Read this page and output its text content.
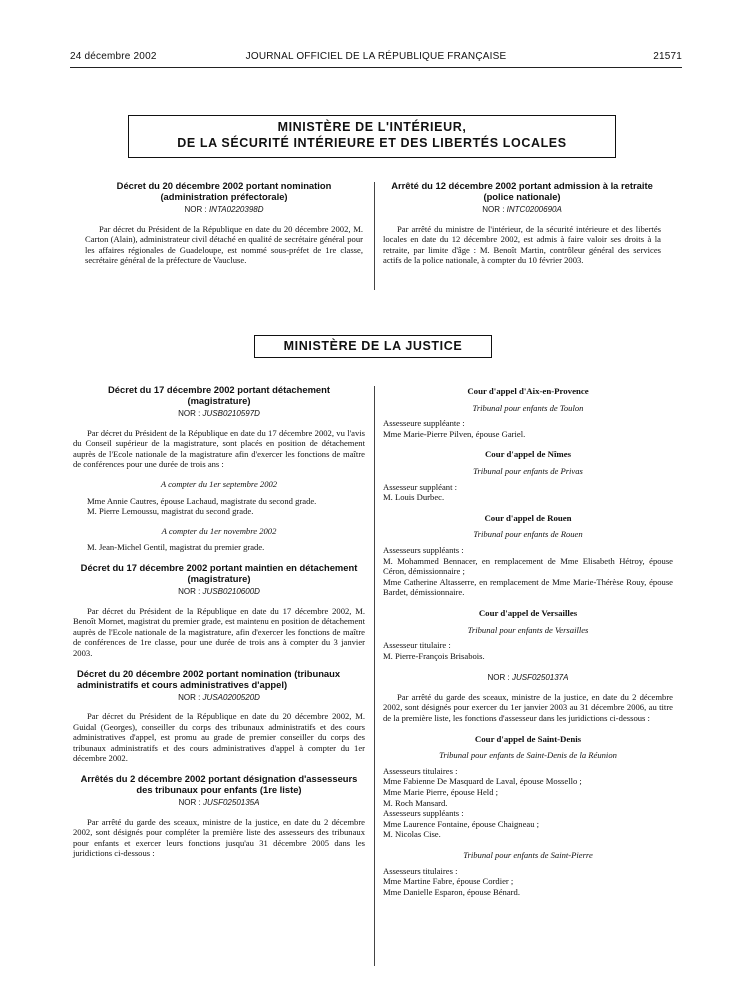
24 décembre 2002	JOURNAL OFFICIEL DE LA RÉPUBLIQUE FRANÇAISE	21571
MINISTÈRE DE L'INTÉRIEUR,
DE LA SÉCURITÉ INTÉRIEURE ET DES LIBERTÉS LOCALES
Décret du 20 décembre 2002 portant nomination (administration préfectorale)
NOR : INTA0220398D

Par décret du Président de la République en date du 20 décembre 2002, M. Carton (Alain), administrateur civil détaché en qualité de secrétaire général pour les affaires régionales de Guadeloupe, est nommé sous-préfet de 1re classe, secrétaire général de la préfecture de Vaucluse.

Arrêté du 12 décembre 2002 portant admission à la retraite (police nationale)
NOR : INTC0200690A

Par arrêté du ministre de l'intérieur, de la sécurité intérieure et des libertés locales en date du 12 décembre 2002, est admis à faire valoir ses droits à la retraite, par limite d'âge : M. Benoît Martin, contrôleur général des services actifs de la police nationale, à compter du 10 février 2003.

MINISTÈRE DE LA JUSTICE
Décret du 17 décembre 2002 portant détachement (magistrature)
NOR : JUSB0210597D

Par décret du Président de la République en date du 17 décembre 2002, vu l'avis du Conseil supérieur de la magistrature, sont placés en position de détachement auprès de l'Ecole nationale de la magistrature afin d'exercer les fonctions de maître de conférences pour une durée de trois ans :

A compter du 1er septembre 2002

Mme Annie Cautres, épouse Lachaud, magistrate du second grade.

M. Pierre Lemoussu, magistrat du second grade.

A compter du 1er novembre 2002

M. Jean-Michel Gentil, magistrat du premier grade.

Décret du 17 décembre 2002 portant maintien en détachement (magistrature)
NOR : JUSB0210600D

Par décret du Président de la République en date du 17 décembre 2002, M. Benoît Mornet, magistrat du premier grade, est maintenu en position de détachement auprès de l'Ecole nationale de la magistrature, afin d'exercer les fonctions de maître de conférences de 1re classe, pour une durée de trois ans à compter du 3 janvier 2003.

Décret du 20 décembre 2002 portant nomination (tribunaux administratifs et cours administratives d'appel)
NOR : JUSA0200520D

Par décret du Président de la République en date du 20 décembre 2002, M. Guidal (Georges), conseiller du corps des tribunaux administratifs et des cours administratives d'appel, est promu au grade de premier conseiller du corps des tribunaux administratifs et des cours administratives d'appel à compter du 1er décembre 2002.

Arrêtés du 2 décembre 2002 portant désignation d'assesseurs des tribunaux pour enfants (1re liste)
NOR : JUSF0250135A

Par arrêté du garde des sceaux, ministre de la justice, en date du 2 décembre 2002, sont désignés pour compléter la première liste des assesseurs des tribunaux pour enfants et exercer leurs fonctions jusqu'au 31 décembre 2005 dans les juridictions ci-dessous :

Cour d'appel d'Aix-en-Provence
Tribunal pour enfants de Toulon

Assesseure suppléante :

Mme Marie-Pierre Pilven, épouse Gariel.

Cour d'appel de Nîmes
Tribunal pour enfants de Privas

Assesseur suppléant :

M. Louis Durbec.

Cour d'appel de Rouen
Tribunal pour enfants de Rouen

Assesseurs suppléants :

M. Mohammed Bennacer, en remplacement de Mme Elisabeth Hétroy, épouse Céron, démissionnaire ;

Mme Catherine Altasserre, en remplacement de Mme Marie-Thérèse Rouy, épouse Bardet, démissionnaire.

Cour d'appel de Versailles
Tribunal pour enfants de Versailles

Assesseur titulaire :

M. Pierre-François Brisabois.

NOR : JUSF0250137A

Par arrêté du garde des sceaux, ministre de la justice, en date du 2 décembre 2002, sont désignés pour exercer du 1er janvier 2003 au 31 décembre 2006, au titre de la première liste, les fonctions d'assesseur dans les juridictions ci-dessous :

Cour d'appel de Saint-Denis
Tribunal pour enfants de Saint-Denis de la Réunion

Assesseurs titulaires :

Mme Fabienne De Masquard de Laval, épouse Mossello ;

Mme Marie Pierre, épouse Held ;

M. Roch Mansard.

Assesseurs suppléants :

Mme Laurence Fontaine, épouse Chaigneau ;

M. Nicolas Cise.

Tribunal pour enfants de Saint-Pierre

Assesseurs titulaires :

Mme Martine Fabre, épouse Cordier ;

Mme Danielle Esparon, épouse Bénard.
